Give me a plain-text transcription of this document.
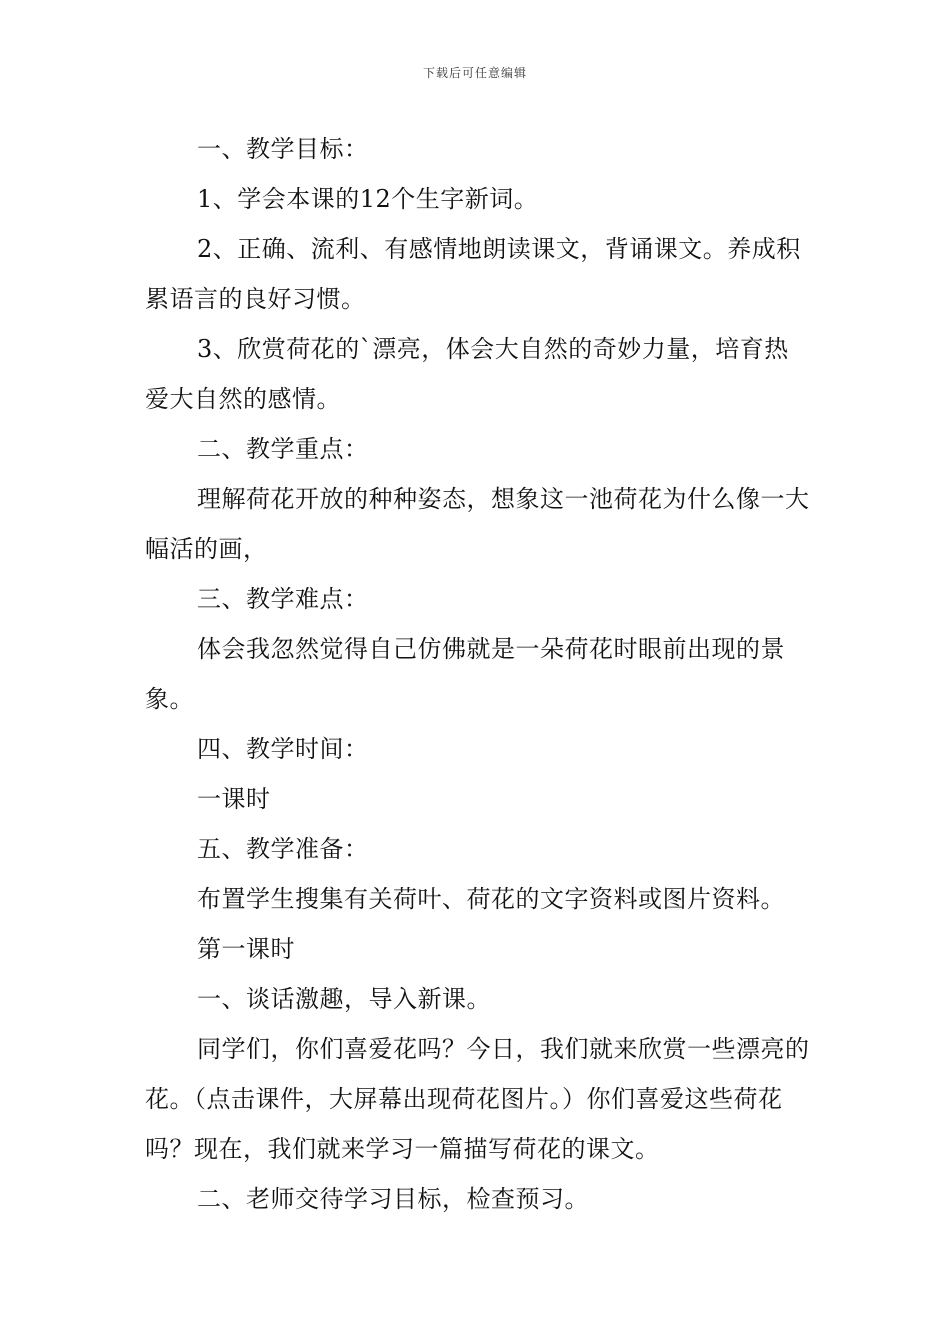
下载后可任意编辑

一、教学目标：

1、学会本课的12个生字新词。

2、正确、流利、有感情地朗读课文，背诵课文。养成积累语言的良好习惯。

3、欣赏荷花的`漂亮，体会大自然的奇妙力量，培育热爱大自然的感情。

二、教学重点：

理解荷花开放的种种姿态，想象这一池荷花为什么像一大幅活的画，

三、教学难点：

体会我忽然觉得自己仿佛就是一朵荷花时眼前出现的景象。

四、教学时间：

一课时

五、教学准备：

布置学生搜集有关荷叶、荷花的文字资料或图片资料。

第一课时

一、谈话激趣，导入新课。

同学们，你们喜爱花吗？今日，我们就来欣赏一些漂亮的花。（点击课件，大屏幕出现荷花图片。）你们喜爱这些荷花吗？现在，我们就来学习一篇描写荷花的课文。

二、老师交待学习目标，检查预习。
